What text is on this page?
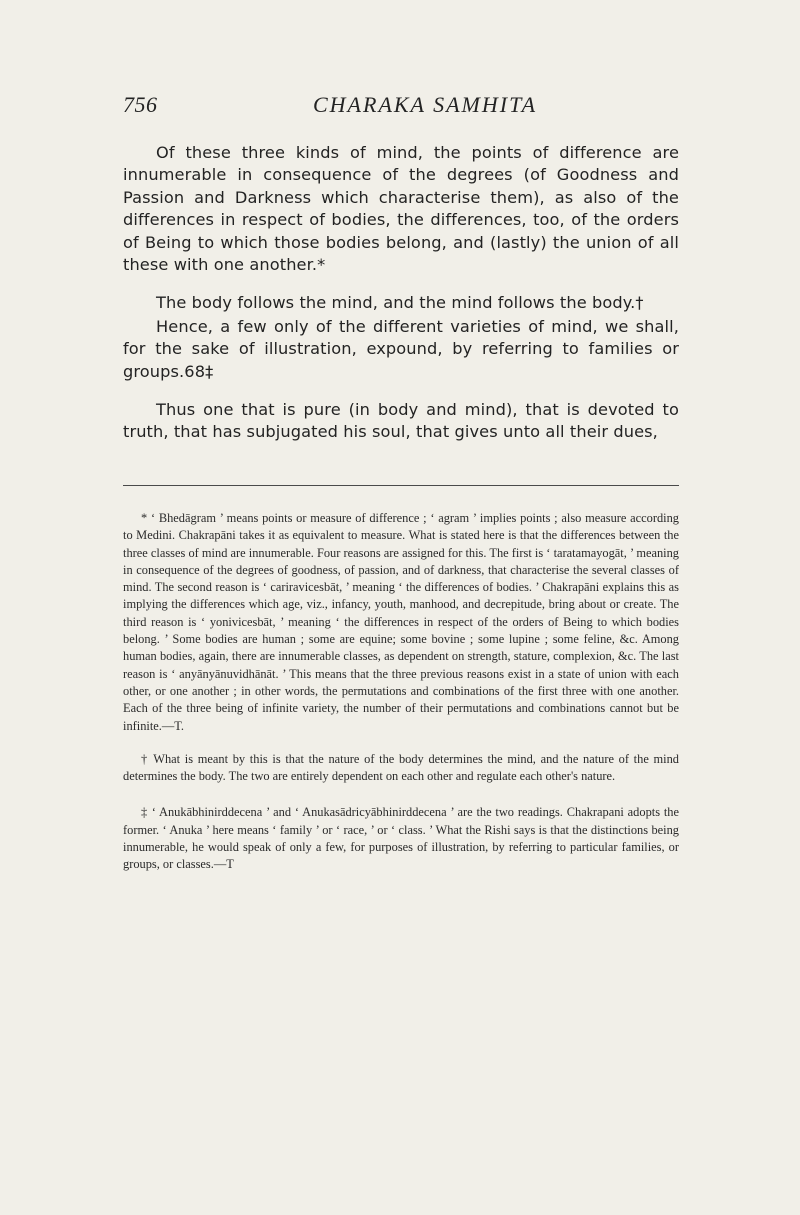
756	CHARAKA SAMHITA

Of these three kinds of mind, the points of difference are innumerable in consequence of the degrees (of Goodness and Passion and Darkness which characterise them), as also of the differences in respect of bodies, the differences, too, of the orders of Being to which those bodies belong, and (lastly) the union of all these with one another.*

The body follows the mind, and the mind follows the body.†

Hence, a few only of the different varieties of mind, we shall, for the sake of illustration, expound, by referring to families or groups.68‡

Thus one that is pure (in body and mind), that is devoted to truth, that has subjugated his soul, that gives unto all their dues,

* ‘ Bhedāgram ’ means points or measure of difference ; ‘ agram ’ implies points ; also measure according to Medini. Chakrapāni takes it as equivalent to measure. What is stated here is that the differences between the three classes of mind are innumerable. Four reasons are assigned for this. The first is ‘ taratamayogāt, ’ meaning in consequence of the degrees of goodness, of passion, and of darkness, that characterise the several classes of mind. The second reason is ‘ cariravicesbāt, ’ meaning ‘ the differences of bodies. ’ Chakrapāni explains this as implying the differences which age, viz., infancy, youth, manhood, and decrepitude, bring about or create. The third reason is ‘ yonivicesbāt, ’ meaning ‘ the differences in respect of the orders of Being to which bodies belong. ’ Some bodies are human ; some are equine; some bovine ; some lupine ; some feline, &c. Among human bodies, again, there are innumerable classes, as dependent on strength, stature, complexion, &c. The last reason is ‘ anyānyānuvidhānāt. ’ This means that the three previous reasons exist in a state of union with each other, or one another ; in other words, the permutations and combinations of the first three with one another. Each of the three being of infinite variety, the number of their permutations and combinations cannot but be infinite.—T.

† What is meant by this is that the nature of the body determines the mind, and the nature of the mind determines the body. The two are entirely dependent on each other and regulate each other's nature.

‡ ‘ Anukābhinirddecena ’ and ‘ Anukasādricyābhinirddecena ’ are the two readings. Chakrapani adopts the former. ‘ Anuka ’ here means ‘ family ’ or ‘ race, ’ or ‘ class. ’ What the Rishi says is that the distinctions being innumerable, he would speak of only a few, for purposes of illustration, by referring to particular families, or groups, or classes.—T
